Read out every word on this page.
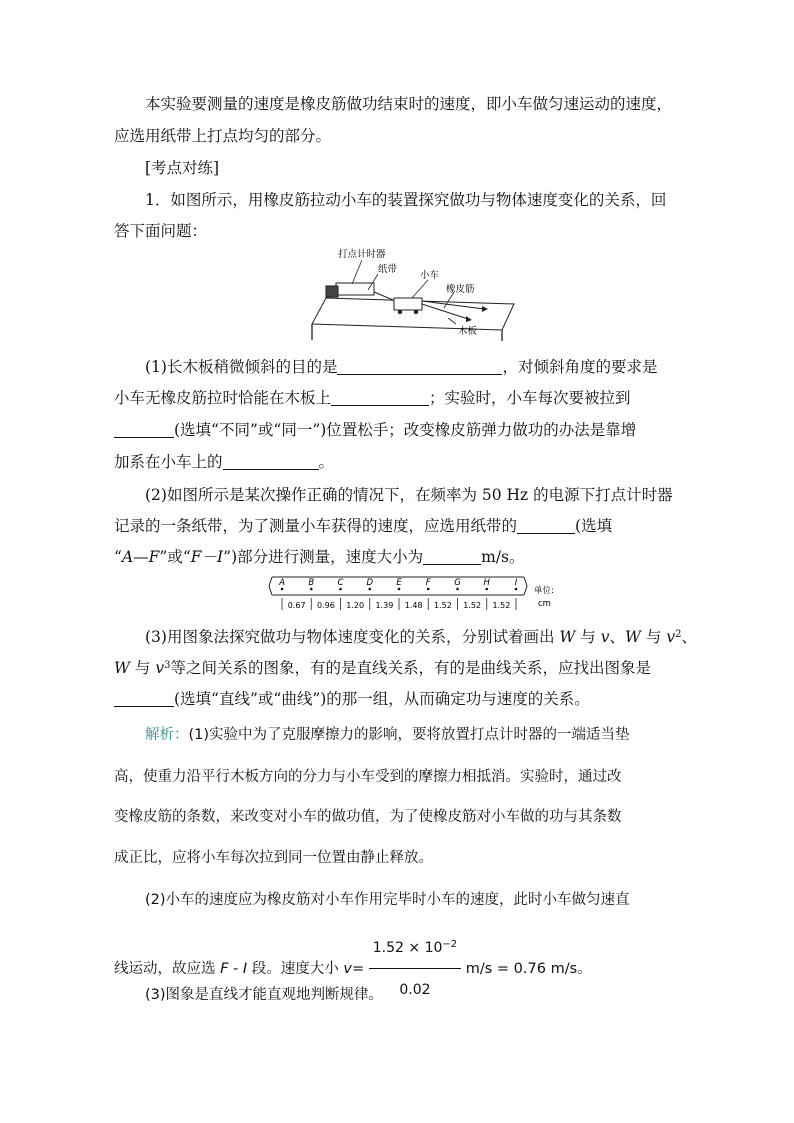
本实验要测量的速度是橡皮筋做功结束时的速度，即小车做匀速运动的速度，
应选用纸带上打点均匀的部分。
[考点对练]
1．如图所示，用橡皮筋拉动小车的装置探究做功与物体速度变化的关系，回
答下面问题：
打点计时器
纸带
小车
橡皮筋
木板
(1)长木板稍微倾斜的目的是	，对倾斜角度的要求是
小车无橡皮筋拉时恰能在木板上	；实验时，小车每次要被拉到
(选填“不同”或“同一”)位置松手；改变橡皮筋弹力做功的办法是靠增
加系在小车上的	。
(2)如图所示是某次操作正确的情况下，在频率为 50 Hz 的电源下打点计时器
记录的一条纸带，为了测量小车获得的速度，应选用纸带的	(选填
“A—F”或“F－I”)部分进行测量，速度大小为	m/s。
A	B	C	D	E	F	G	H	I
0.67 0.96 1.20 1.39 1.48 1.52 1.52 1.52
单位:
cm
(3)用图象法探究做功与物体速度变化的关系，分别试着画出 W 与 v、W 与 $v^2$、
W 与 $v^3$等之间关系的图象，有的是直线关系，有的是曲线关系，应找出图象是
(选填“直线”或“曲线”)的那一组，从而确定功与速度的关系。
解析：(1)实验中为了克服摩擦力的影响，要将放置打点计时器的一端适当垫
高，使重力沿平行木板方向的分力与小车受到的摩擦力相抵消。实验时，通过改
变橡皮筋的条数，来改变对小车的做功值，为了使橡皮筋对小车做的功与其条数
成正比，应将小车每次拉到同一位置由静止释放。
(2)小车的速度应为橡皮筋对小车作用完毕时小车的速度，此时小车做匀速直
线运动，故应选 F - I 段。速度大小 $v= \frac{1.52 \times 10^{-2}}{0.02} m/s = 0.76$ m/s。
(3)图象是直线才能直观地判断规律。
